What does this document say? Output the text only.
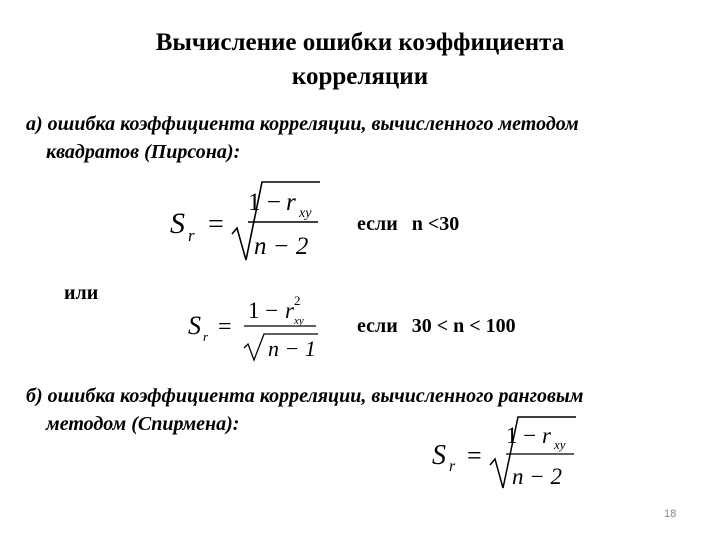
Вычисление ошибки коэффициента
корреляции
а) ошибка коэффициента корреляции, вычисленного методом
квадратов (Пирсона):
S r =
1 − r xy
n − 2
если n <30
или
S r =
1 − r 2
xy
n − 1
если 30 < n < 100
б) ошибка коэффициента корреляции, вычисленного ранговым
методом (Спирмена):
S r =
1 − r xy
n − 2
18
